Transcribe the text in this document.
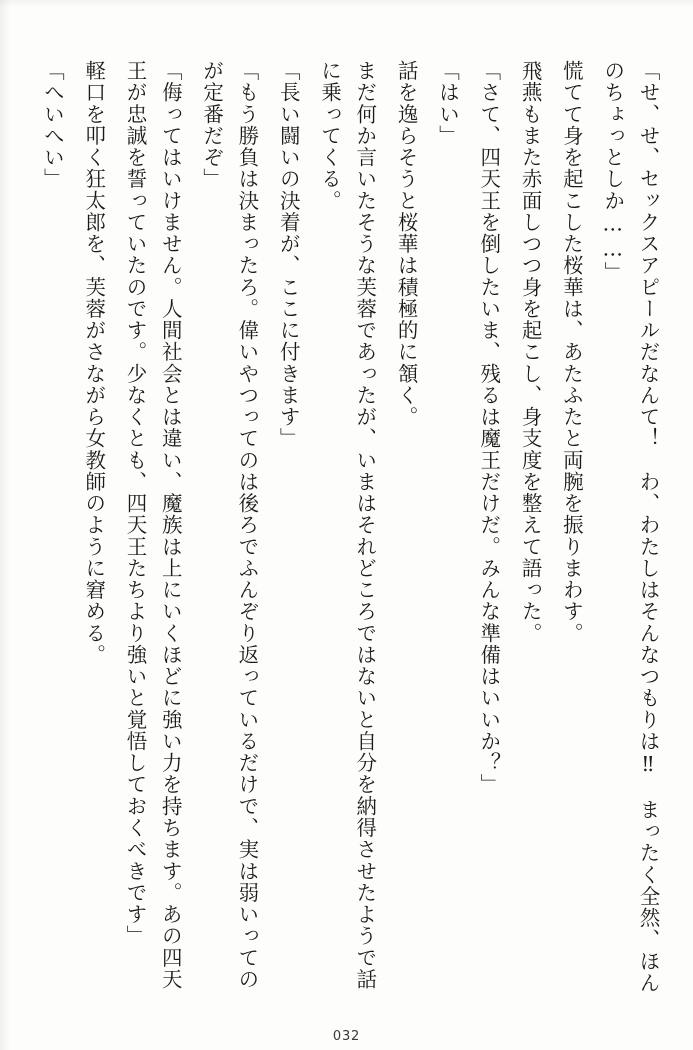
「せ、せ、セックスアピールだなんて！　わ、わたしはそんなつもりは‼　まったく全然、ほんのちょっとしか……」

慌てて身を起こした桜華は、あたふたと両腕を振りまわす。

飛燕もまた赤面しつつ身を起こし、身支度を整えて語った。

「さて、四天王を倒したいま、残るは魔王だけだ。みんな準備はいいか？」

「はい」

話を逸らそうと桜華は積極的に頷く。

まだ何か言いたそうな芙蓉であったが、いまはそれどころではないと自分を納得させたようで話に乗ってくる。

「長い闘いの決着が、ここに付きます」

「もう勝負は決まったろ。偉いやつってのは後ろでふんぞり返っているだけで、実は弱いってのが定番だぞ」

「侮ってはいけません。人間社会とは違い、魔族は上にいくほどに強い力を持ちます。あの四天王が忠誠を誓っていたのです。少なくとも、四天王たちより強いと覚悟しておくべきです」

軽口を叩く狂太郎を、芙蓉がさながら女教師のように窘める。

「へいへい」

032
